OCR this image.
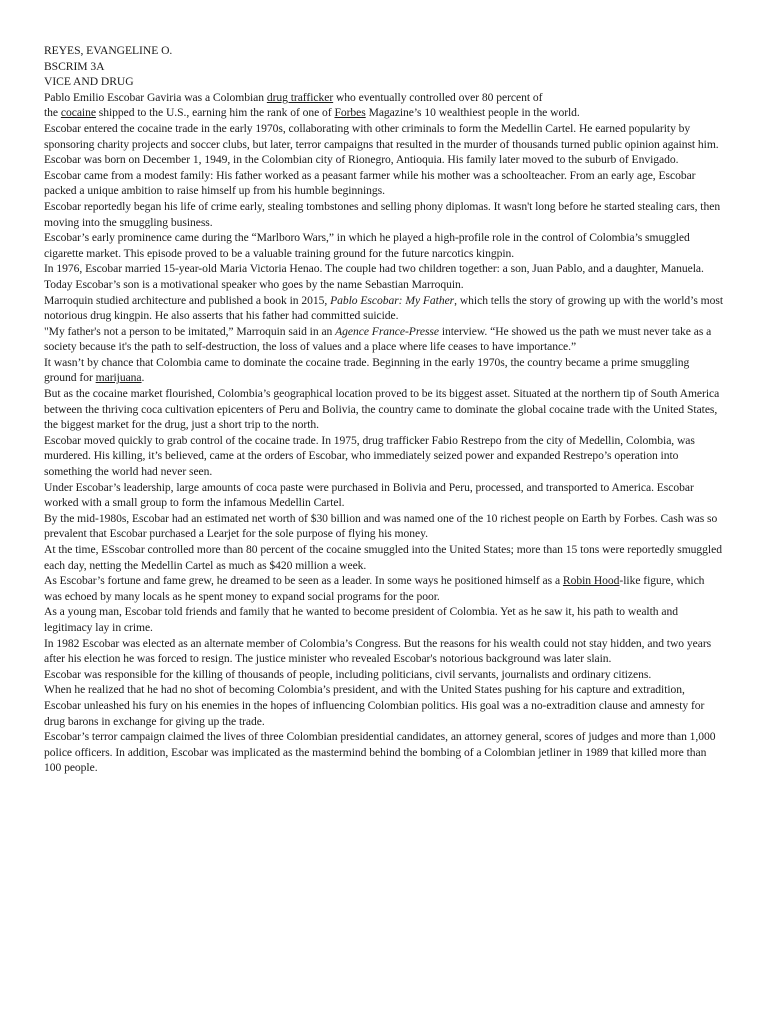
REYES, EVANGELINE O.
BSCRIM 3A
VICE AND DRUG

Pablo Emilio Escobar Gaviria was a Colombian drug trafficker who eventually controlled over 80 percent of
the cocaine shipped to the U.S., earning him the rank of one of Forbes Magazine’s 10 wealthiest people in the world.

Escobar entered the cocaine trade in the early 1970s, collaborating with other criminals to form the Medellin Cartel. He earned popularity by sponsoring charity projects and soccer clubs, but later, terror campaigns that resulted in the murder of thousands turned public opinion against him.

Escobar was born on December 1, 1949, in the Colombian city of Rionegro, Antioquia. His family later moved to the suburb of Envigado.

Escobar came from a modest family: His father worked as a peasant farmer while his mother was a schoolteacher. From an early age, Escobar packed a unique ambition to raise himself up from his humble beginnings.

Escobar reportedly began his life of crime early, stealing tombstones and selling phony diplomas. It wasn't long before he started stealing cars, then moving into the smuggling business.

Escobar’s early prominence came during the “Marlboro Wars,” in which he played a high-profile role in the control of Colombia’s smuggled cigarette market. This episode proved to be a valuable training ground for the future narcotics kingpin.

In 1976, Escobar married 15-year-old Maria Victoria Henao. The couple had two children together: a son, Juan Pablo, and a daughter, Manuela.

Today Escobar’s son is a motivational speaker who goes by the name Sebastian Marroquin.

Marroquin studied architecture and published a book in 2015, Pablo Escobar: My Father, which tells the story of growing up with the world’s most notorious drug kingpin. He also asserts that his father had committed suicide.

"My father's not a person to be imitated,” Marroquin said in an Agence France-Presse interview. “He showed us the path we must never take as a society because it's the path to self-destruction, the loss of values and a place where life ceases to have importance.”

It wasn’t by chance that Colombia came to dominate the cocaine trade. Beginning in the early 1970s, the country became a prime smuggling ground for marijuana.

But as the cocaine market flourished, Colombia’s geographical location proved to be its biggest asset. Situated at the northern tip of South America between the thriving coca cultivation epicenters of Peru and Bolivia, the country came to dominate the global cocaine trade with the United States, the biggest market for the drug, just a short trip to the north.

Escobar moved quickly to grab control of the cocaine trade. In 1975, drug trafficker Fabio Restrepo from the city of Medellin, Colombia, was murdered. His killing, it’s believed, came at the orders of Escobar, who immediately seized power and expanded Restrepo’s operation into something the world had never seen.

Under Escobar’s leadership, large amounts of coca paste were purchased in Bolivia and Peru, processed, and transported to America. Escobar worked with a small group to form the infamous Medellin Cartel.

By the mid-1980s, Escobar had an estimated net worth of $30 billion and was named one of the 10 richest people on Earth by Forbes. Cash was so prevalent that Escobar purchased a Learjet for the sole purpose of flying his money.

At the time, ESscobar controlled more than 80 percent of the cocaine smuggled into the United States; more than 15 tons were reportedly smuggled each day, netting the Medellin Cartel as much as $420 million a week.

As Escobar’s fortune and fame grew, he dreamed to be seen as a leader. In some ways he positioned himself as a Robin Hood-like figure, which was echoed by many locals as he spent money to expand social programs for the poor.

As a young man, Escobar told friends and family that he wanted to become president of Colombia. Yet as he saw it, his path to wealth and legitimacy lay in crime.

In 1982 Escobar was elected as an alternate member of Colombia’s Congress. But the reasons for his wealth could not stay hidden, and two years after his election he was forced to resign. The justice minister who revealed Escobar's notorious background was later slain.

Escobar was responsible for the killing of thousands of people, including politicians, civil servants, journalists and ordinary citizens.

When he realized that he had no shot of becoming Colombia’s president, and with the United States pushing for his capture and extradition, Escobar unleashed his fury on his enemies in the hopes of influencing Colombian politics. His goal was a no-extradition clause and amnesty for drug barons in exchange for giving up the trade.

Escobar’s terror campaign claimed the lives of three Colombian presidential candidates, an attorney general, scores of judges and more than 1,000 police officers. In addition, Escobar was implicated as the mastermind behind the bombing of a Colombian jetliner in 1989 that killed more than 100 people.
